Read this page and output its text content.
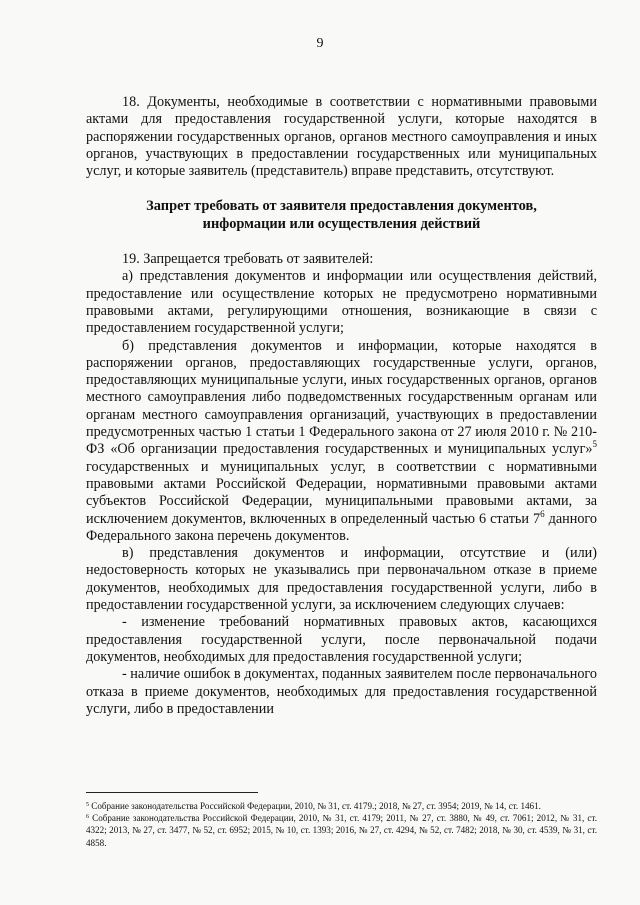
9

18. Документы, необходимые в соответствии с нормативными правовыми актами для предоставления государственной услуги, которые находятся в распоряжении государственных органов, органов местного самоуправления и иных органов, участвующих в предоставлении государственных или муниципальных услуг, и которые заявитель (представитель) вправе представить, отсутствуют.

Запрет требовать от заявителя предоставления документов,
информации или осуществления действий

19. Запрещается требовать от заявителей:

а) представления документов и информации или осуществления действий, предоставление или осуществление которых не предусмотрено нормативными правовыми актами, регулирующими отношения, возникающие в связи с предоставлением государственной услуги;

б) представления документов и информации, которые находятся в распоряжении органов, предоставляющих государственные услуги, органов, предоставляющих муниципальные услуги, иных государственных органов, органов местного самоуправления либо подведомственных государственным органам или органам местного самоуправления организаций, участвующих в предоставлении предусмотренных частью 1 статьи 1 Федерального закона от 27 июля 2010 г. № 210-ФЗ «Об организации предоставления государственных и муниципальных услуг»$^5$ государственных и муниципальных услуг, в соответствии с нормативными правовыми актами Российской Федерации, нормативными правовыми актами субъектов Российской Федерации, муниципальными правовыми актами, за исключением документов, включенных в определенный частью 6 статьи $7^6$ данного Федерального закона перечень документов.

в) представления документов и информации, отсутствие и (или) недостоверность которых не указывались при первоначальном отказе в приеме документов, необходимых для предоставления государственной услуги, либо в предоставлении государственной услуги, за исключением следующих случаев:

- изменение требований нормативных правовых актов, касающихся предоставления государственной услуги, после первоначальной подачи документов, необходимых для предоставления государственной услуги;

- наличие ошибок в документах, поданных заявителем после первоначального отказа в приеме документов, необходимых для предоставления государственной услуги, либо в предоставлении

$^5$ Собрание законодательства Российской Федерации, 2010, № 31, ст. 4179.; 2018, № 27, ст. 3954; 2019, № 14, ст. 1461.

$^6$ Собрание законодательства Российской Федерации, 2010, № 31, ст. 4179; 2011, № 27, ст. 3880, № 49, ст. 7061; 2012, № 31, ст. 4322; 2013, № 27, ст. 3477, № 52, ст. 6952; 2015, № 10, ст. 1393; 2016, № 27, ст. 4294, № 52, ст. 7482; 2018, № 30, ст. 4539, № 31, ст. 4858.
